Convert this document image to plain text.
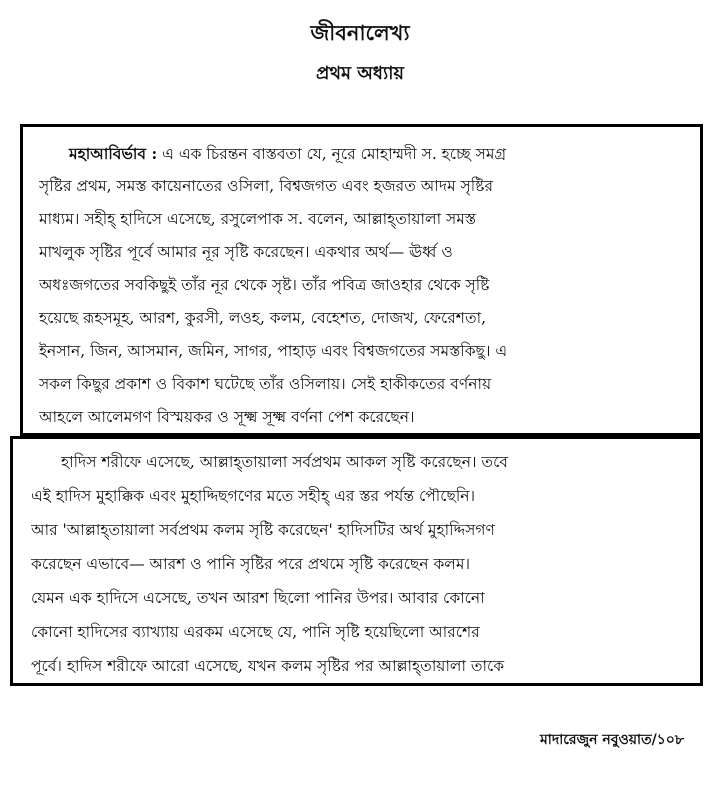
জীবনালেখ্য
প্রথম অধ্যায়
মহাআবির্ভাব : এ এক চিরন্তন বাস্তবতা যে, নূরে মোহাম্মদী স. হচ্ছে সমগ্র
সৃষ্টির প্রথম, সমস্ত কায়েনাতের ওসিলা, বিশ্বজগত এবং হজরত আদম সৃষ্টির
মাধ্যম। সহীহ্ হাদিসে এসেছে, রসুলেপাক স. বলেন, আল্লাহ্তায়ালা সমস্ত
মাখলুক সৃষ্টির পূর্বে আমার নূর সৃষ্টি করেছেন। একথার অর্থ— ঊর্ধ্ব ও
অধঃজগতের সবকিছুই তাঁর নূর থেকে সৃষ্ট। তাঁর পবিত্র জাওহার থেকে সৃষ্টি
হয়েছে রূহসমূহ, আরশ, কুরসী, লওহ, কলম, বেহেশত, দোজখ, ফেরেশতা,
ইনসান, জিন, আসমান, জমিন, সাগর, পাহাড় এবং বিশ্বজগতের সমস্তকিছু। এ
সকল কিছুর প্রকাশ ও বিকাশ ঘটেছে তাঁর ওসিলায়। সেই হাকীকতের বর্ণনায়
আহলে আলেমগণ বিস্ময়কর ও সূক্ষ্ম সূক্ষ্ম বর্ণনা পেশ করেছেন।
হাদিস শরীফে এসেছে, আল্লাহ্তায়ালা সর্বপ্রথম আকল সৃষ্টি করেছেন। তবে
এই হাদিস মুহাক্কিক এবং মুহাদ্দিছগণের মতে সহীহ্ এর স্তর পর্যন্ত পৌছেনি।
আর 'আল্লাহ্তায়ালা সর্বপ্রথম কলম সৃষ্টি করেছেন' হাদিসটির অর্থ মুহাদ্দিসগণ
করেছেন এভাবে— আরশ ও পানি সৃষ্টির পরে প্রথমে সৃষ্টি করেছেন কলম।
যেমন এক হাদিসে এসেছে, তখন আরশ ছিলো পানির উপর। আবার কোনো
কোনো হাদিসের ব্যাখ্যায় এরকম এসেছে যে, পানি সৃষ্টি হয়েছিলো আরশের
পূর্বে। হাদিস শরীফে আরো এসেছে, যখন কলম সৃষ্টির পর আল্লাহ্তায়ালা তাকে
মাদারেজুন নবুওয়াত/১০৮
